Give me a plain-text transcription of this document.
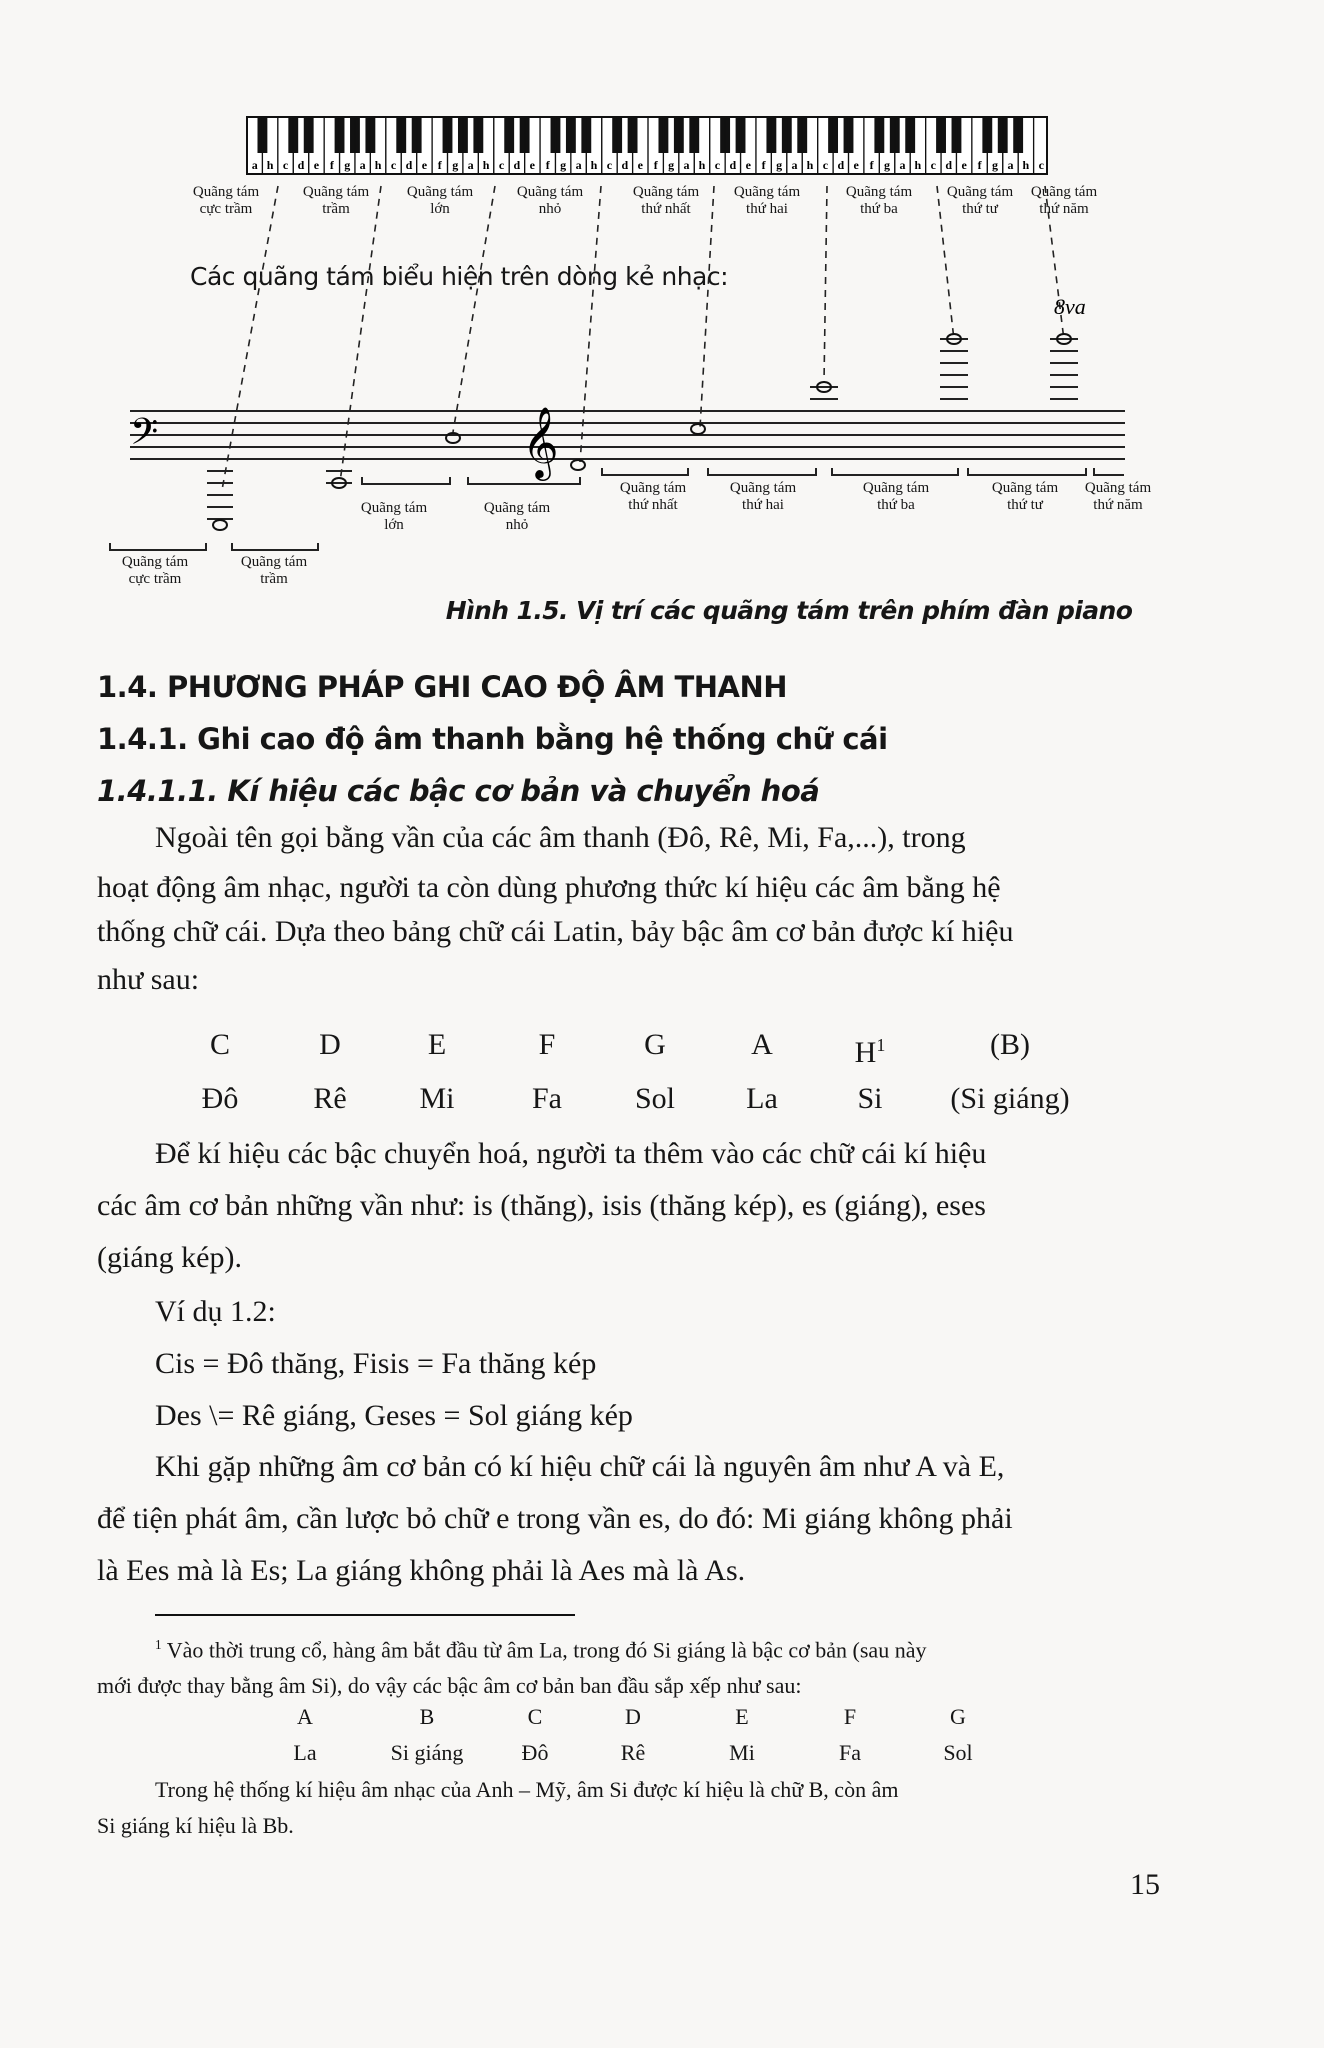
a h c d e f g a h c d e f g a h c d e f g a h c d e f g a h c d e f g a h c d e f g a h c d e f g a h c
Quãng tám
cực trầm
Quãng tám
trầm
Quãng tám
lớn
Quãng tám
nhỏ
Quãng tám
thứ nhất
Quãng tám
thứ hai
Quãng tám
thứ ba
Quãng tám
thứ tư
Quãng tám
thứ năm
Các quãng tám biểu hiện trên dòng kẻ nhạc:
𝄢	𝄞
8va
Quãng tám
lớn
Quãng tám
nhỏ
Quãng tám
thứ nhất
Quãng tám
thứ hai
Quãng tám
thứ ba
Quãng tám
thứ tư
Quãng tám
thứ năm
Quãng tám
cực trầm
Quãng tám
trầm
Hình 1.5. Vị trí các quãng tám trên phím đàn piano
1.4. PHƯƠNG PHÁP GHI CAO ĐỘ ÂM THANH
1.4.1. Ghi cao độ âm thanh bằng hệ thống chữ cái
1.4.1.1. Kí hiệu các bậc cơ bản và chuyển hoá
Ngoài tên gọi bằng vần của các âm thanh (Đô, Rê, Mi, Fa,...), trong
hoạt động âm nhạc, người ta còn dùng phương thức kí hiệu các âm bằng hệ
thống chữ cái. Dựa theo bảng chữ cái Latin, bảy bậc âm cơ bản được kí hiệu
như sau:
C
Đô
D
Rê
E
Mi
F
Fa
G
Sol
A
La
$H^1$
Si
(B)
(Si giáng)
Để kí hiệu các bậc chuyển hoá, người ta thêm vào các chữ cái kí hiệu
các âm cơ bản những vần như: is (thăng), isis (thăng kép), es (giáng), eses
(giáng kép).
Ví dụ 1.2:
Cis = Đô thăng, Fisis = Fa thăng kép
Des \= Rê giáng, Geses = Sol giáng kép
Khi gặp những âm cơ bản có kí hiệu chữ cái là nguyên âm như A và E,
để tiện phát âm, cần lược bỏ chữ e trong vần es, do đó: Mi giáng không phải
là Ees mà là Es; La giáng không phải là Aes mà là As.
$^1$ Vào thời trung cổ, hàng âm bắt đầu từ âm La, trong đó Si giáng là bậc cơ bản (sau này
mới được thay bằng âm Si), do vậy các bậc âm cơ bản ban đầu sắp xếp như sau:
A
La
B
Si giáng
C
Đô
D
Rê
E
Mi
F
Fa
G
Sol
Trong hệ thống kí hiệu âm nhạc của Anh – Mỹ, âm Si được kí hiệu là chữ B, còn âm
Si giáng kí hiệu là Bb.
15
